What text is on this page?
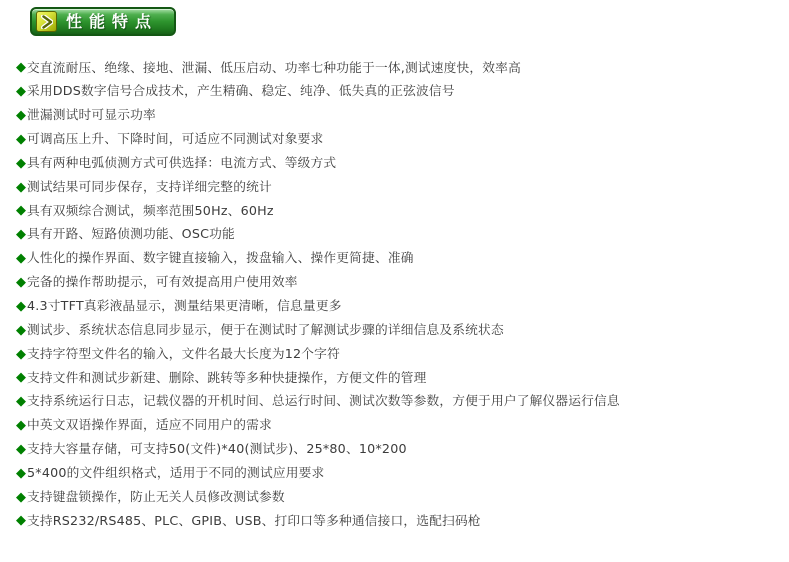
性能特点
◆ 交直流耐压、绝缘、接地、泄漏、低压启动、功率七种功能于一体,测试速度快，效率高
◆ 采用DDS数字信号合成技术，产生精确、稳定、纯净、低失真的正弦波信号
◆ 泄漏测试时可显示功率
◆ 可调高压上升、下降时间，可适应不同测试对象要求
◆ 具有两种电弧侦测方式可供选择：电流方式、等级方式
◆ 测试结果可同步保存，支持详细完整的统计
◆ 具有双频综合测试，频率范围50Hz、60Hz
◆ 具有开路、短路侦测功能、OSC功能
◆ 人性化的操作界面、数字键直接输入，拨盘输入、操作更简捷、准确
◆ 完备的操作帮助提示，可有效提高用户使用效率
◆ 4.3寸TFT真彩液晶显示，测量结果更清晰，信息量更多
◆ 测试步、系统状态信息同步显示，便于在测试时了解测试步骤的详细信息及系统状态
◆ 支持字符型文件名的输入，文件名最大长度为12个字符
◆ 支持文件和测试步新建、删除、跳转等多种快捷操作，方便文件的管理
◆ 支持系统运行日志，记载仪器的开机时间、总运行时间、测试次数等参数，方便于用户了解仪器运行信息
◆ 中英文双语操作界面，适应不同用户的需求
◆ 支持大容量存储，可支持50(文件)*40(测试步)、25*80、10*200
◆ 5*400的文件组织格式，适用于不同的测试应用要求
◆ 支持键盘锁操作，防止无关人员修改测试参数
◆ 支持RS232/RS485、PLC、GPIB、USB、打印口等多种通信接口，选配扫码枪
